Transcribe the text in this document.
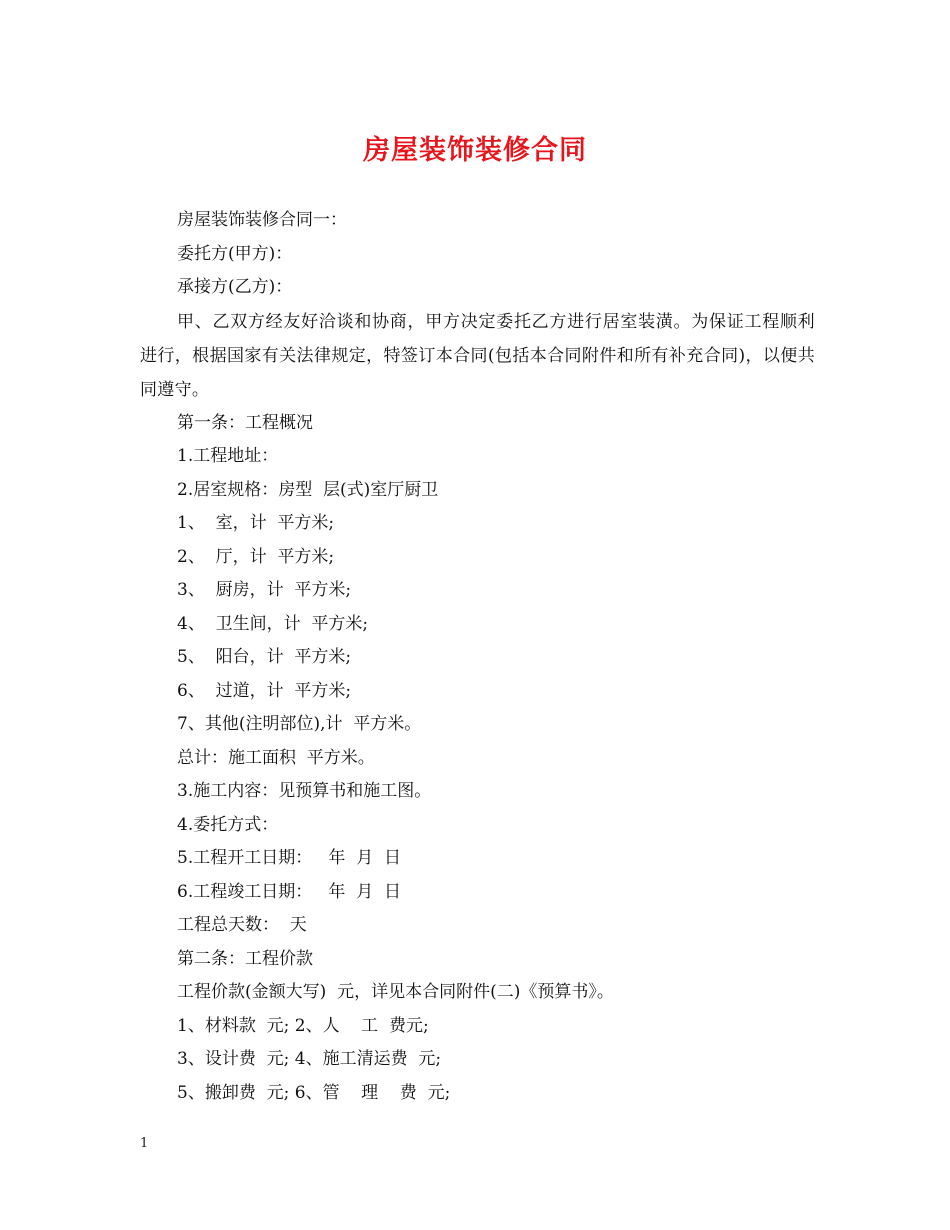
房屋装饰装修合同
房屋装饰装修合同一：
委托方(甲方)：
承接方(乙方)：

甲、乙双方经友好洽谈和协商，甲方决定委托乙方进行居室装潢。为保证工程顺利进行，根据国家有关法律规定，特签订本合同(包括本合同附件和所有补充合同)，以便共同遵守。

第一条：工程概况
1.工程地址：
2.居室规格：房型  层(式)室厅厨卫
1、  室，计  平方米;
2、  厅，计  平方米;
3、  厨房，计  平方米;
4、  卫生间，计  平方米;
5、  阳台，计  平方米;
6、  过道，计  平方米;
7、其他(注明部位),计  平方米。
总计：施工面积  平方米。
3.施工内容：见预算书和施工图。
4.委托方式：
5.工程开工日期：   年  月  日
6.工程竣工日期：   年  月  日
工程总天数：  天
第二条：工程价款
工程价款(金额大写)  元，详见本合同附件(二)《预算书》。
1、材料款  元; 2、人    工  费元;
3、设计费  元; 4、施工清运费  元;
5、搬卸费  元; 6、管    理    费  元;
1
